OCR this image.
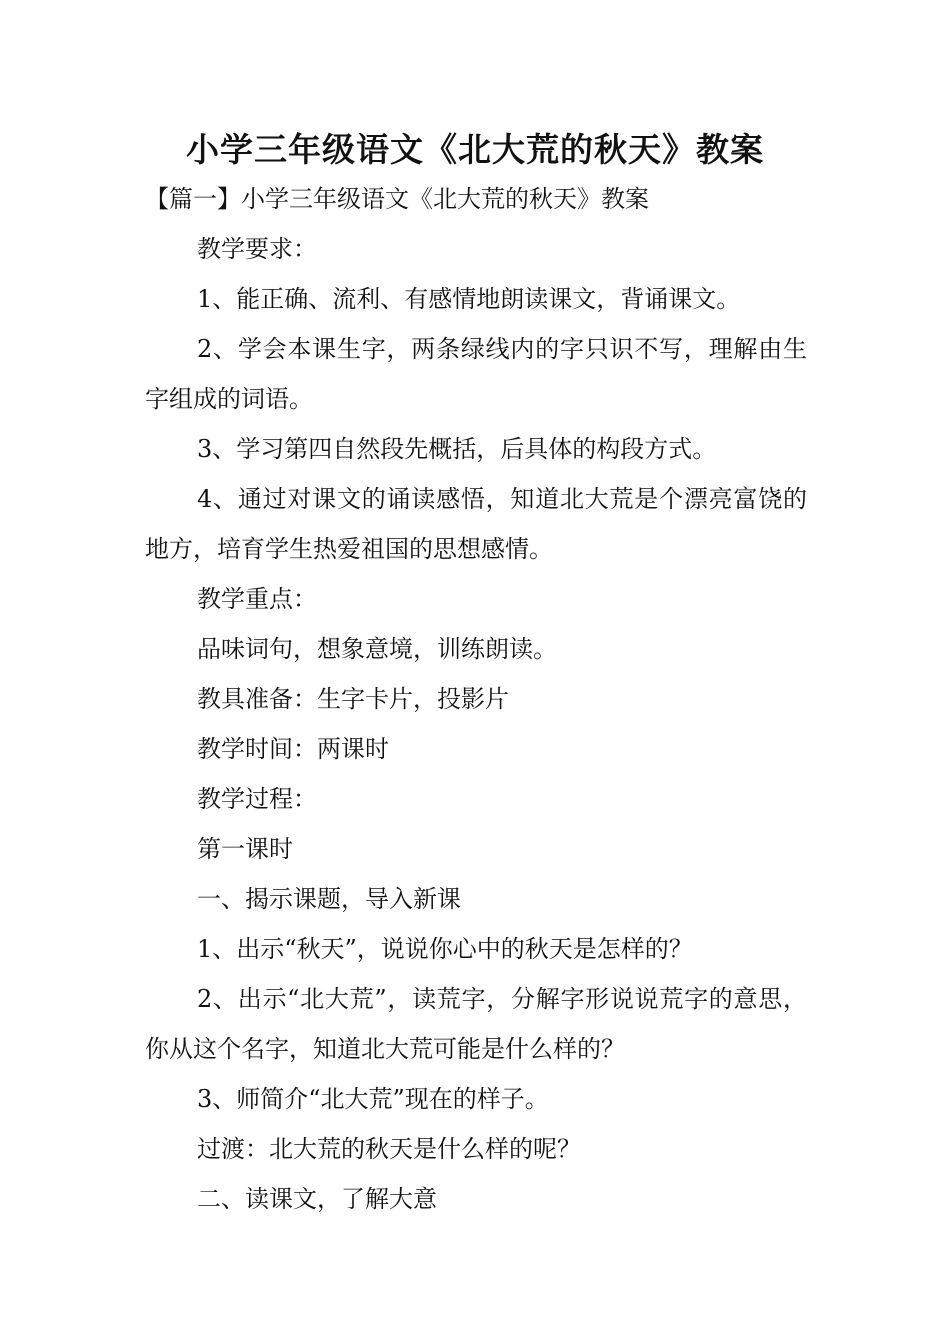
小学三年级语文《北大荒的秋天》教案

【篇一】小学三年级语文《北大荒的秋天》教案

教学要求：

1、能正确、流利、有感情地朗读课文，背诵课文。

2、学会本课生字，两条绿线内的字只识不写，理解由生字组成的词语。

3、学习第四自然段先概括，后具体的构段方式。

4、通过对课文的诵读感悟，知道北大荒是个漂亮富饶的地方，培育学生热爱祖国的思想感情。

教学重点：

品味词句，想象意境，训练朗读。

教具准备：生字卡片，投影片

教学时间：两课时

教学过程：

第一课时

一、揭示课题，导入新课

1、出示“秋天”，说说你心中的秋天是怎样的？

2、出示“北大荒”，读荒字，分解字形说说荒字的意思，你从这个名字，知道北大荒可能是什么样的？

3、师简介“北大荒”现在的样子。

过渡：北大荒的秋天是什么样的呢？

二、读课文，了解大意
